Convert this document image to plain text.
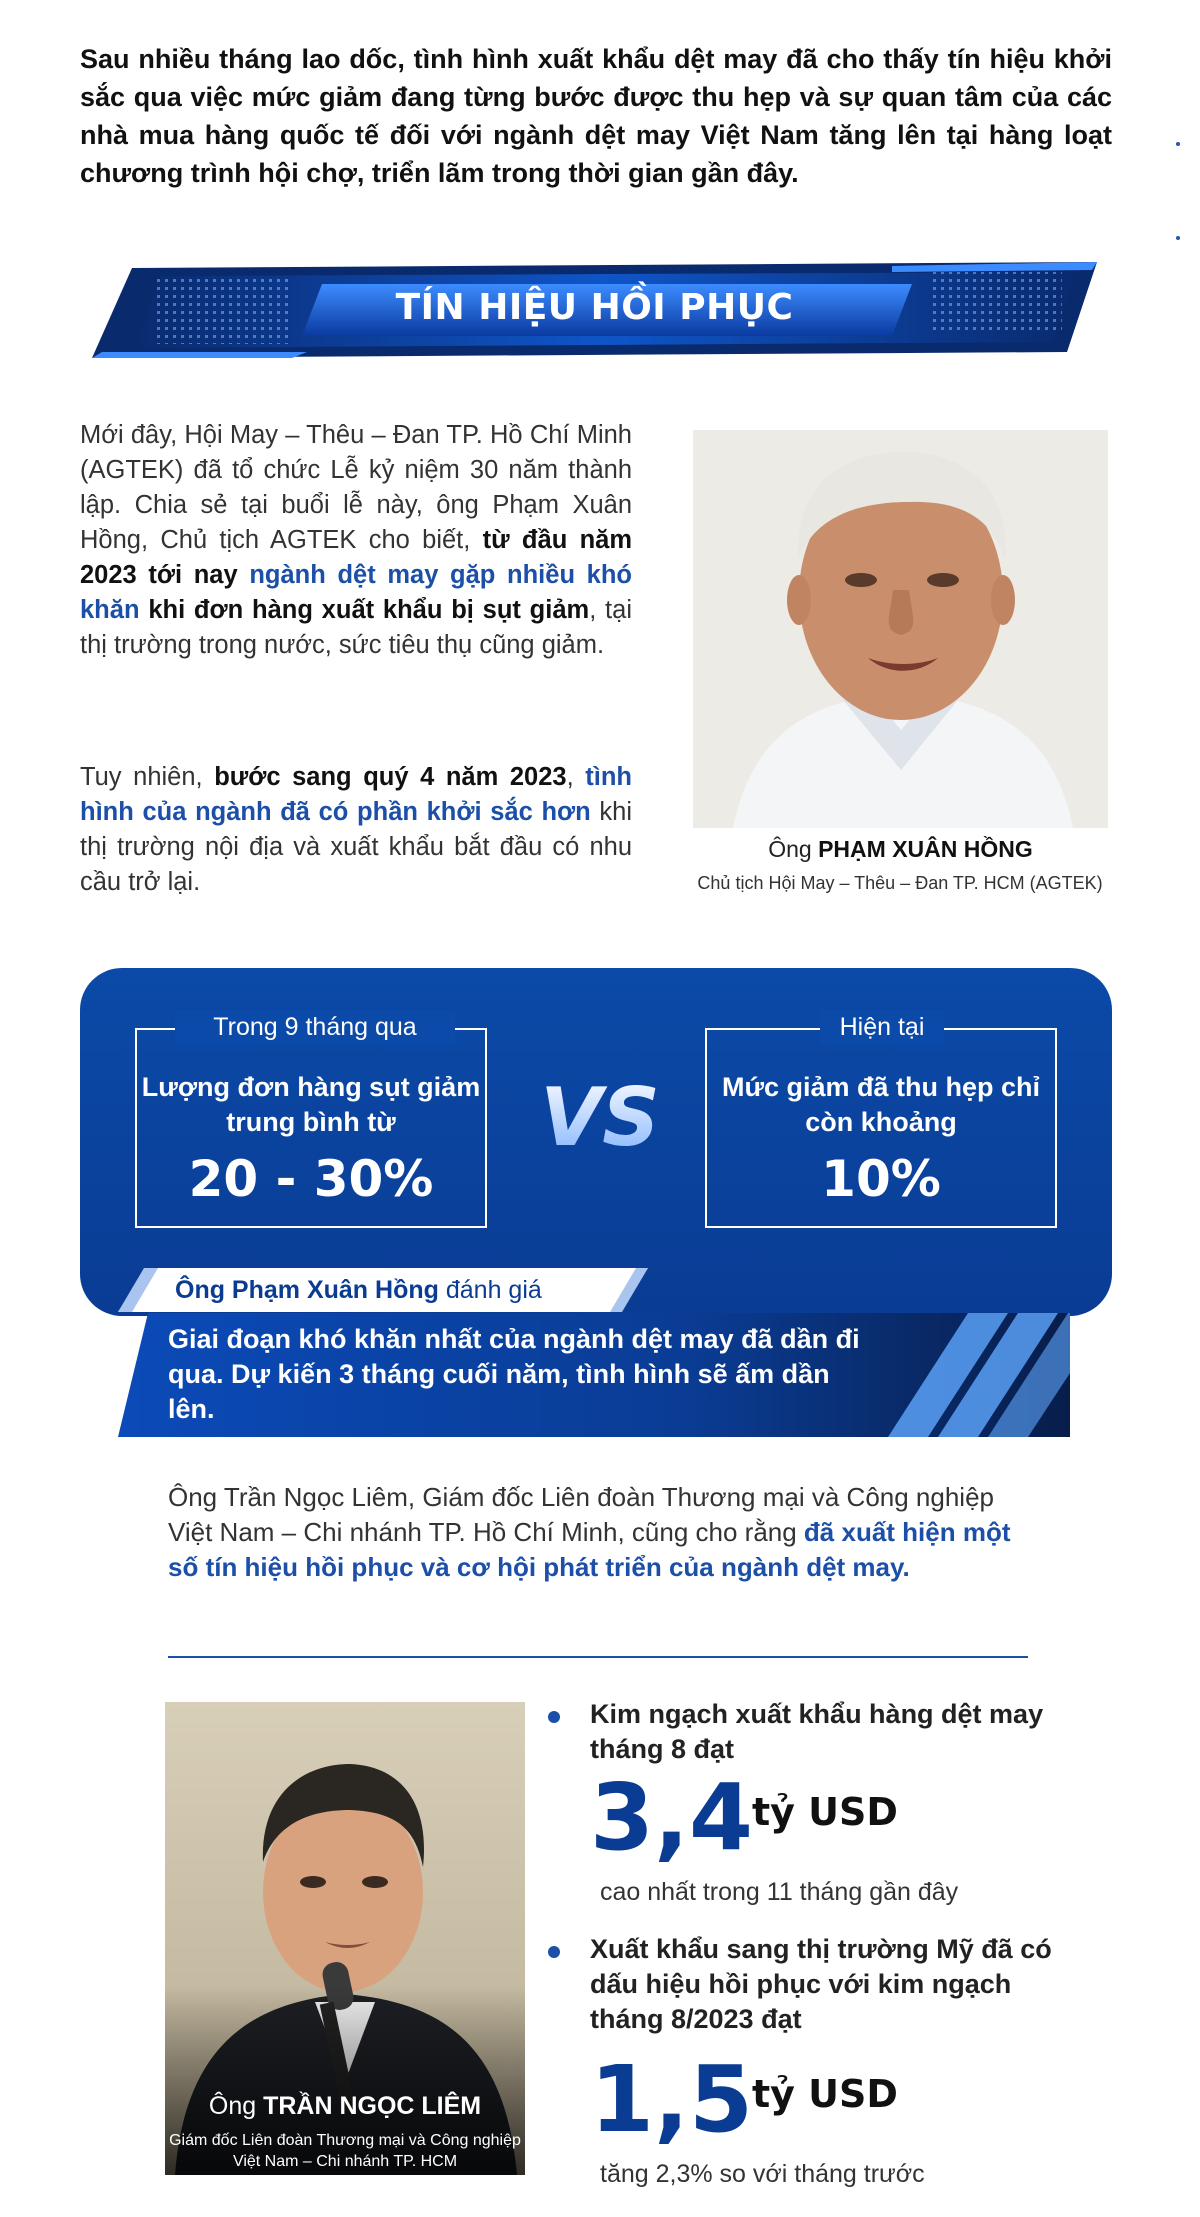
Sau nhiều tháng lao dốc, tình hình xuất khẩu dệt may đã cho thấy tín hiệu khởi sắc qua việc mức giảm đang từng bước được thu hẹp và sự quan tâm của các nhà mua hàng quốc tế đối với ngành dệt may Việt Nam tăng lên tại hàng loạt chương trình hội chợ, triển lãm trong thời gian gần đây.

TÍN HIỆU HỒI PHỤC

Mới đây, Hội May – Thêu – Đan TP. Hồ Chí Minh (AGTEK) đã tổ chức Lễ kỷ niệm 30 năm thành lập. Chia sẻ tại buổi lễ này, ông Phạm Xuân Hồng, Chủ tịch AGTEK cho biết, từ đầu năm 2023 tới nay ngành dệt may gặp nhiều khó khăn khi đơn hàng xuất khẩu bị sụt giảm, tại thị trường trong nước, sức tiêu thụ cũng giảm.

Tuy nhiên, bước sang quý 4 năm 2023, tình hình của ngành đã có phần khởi sắc hơn khi thị trường nội địa và xuất khẩu bắt đầu có nhu cầu trở lại.

Ông PHẠM XUÂN HỒNG
Chủ tịch Hội May – Thêu – Đan TP. HCM (AGTEK)
Trong 9 tháng qua
Lượng đơn hàng sụt giảm trung bình từ
20 - 30%
Hiện tại
Mức giảm đã thu hẹp chỉ còn khoảng
10%
VS
Ông Phạm Xuân Hồng đánh giá
Giai đoạn khó khăn nhất của ngành dệt may đã dần đi qua. Dự kiến 3 tháng cuối năm, tình hình sẽ ấm dần lên.

Ông Trần Ngọc Liêm, Giám đốc Liên đoàn Thương mại và Công nghiệp Việt Nam – Chi nhánh TP. Hồ Chí Minh, cũng cho rằng đã xuất hiện một số tín hiệu hồi phục và cơ hội phát triển của ngành dệt may.

Ông TRẦN NGỌC LIÊM
Giám đốc Liên đoàn Thương mại và Công nghiệp Việt Nam – Chi nhánh TP. HCM
Kim ngạch xuất khẩu hàng dệt may tháng 8 đạt
3,4 tỷ USD
cao nhất trong 11 tháng gần đây
Xuất khẩu sang thị trường Mỹ đã có dấu hiệu hồi phục với kim ngạch tháng 8/2023 đạt
1,5 tỷ USD
tăng 2,3% so với tháng trước
